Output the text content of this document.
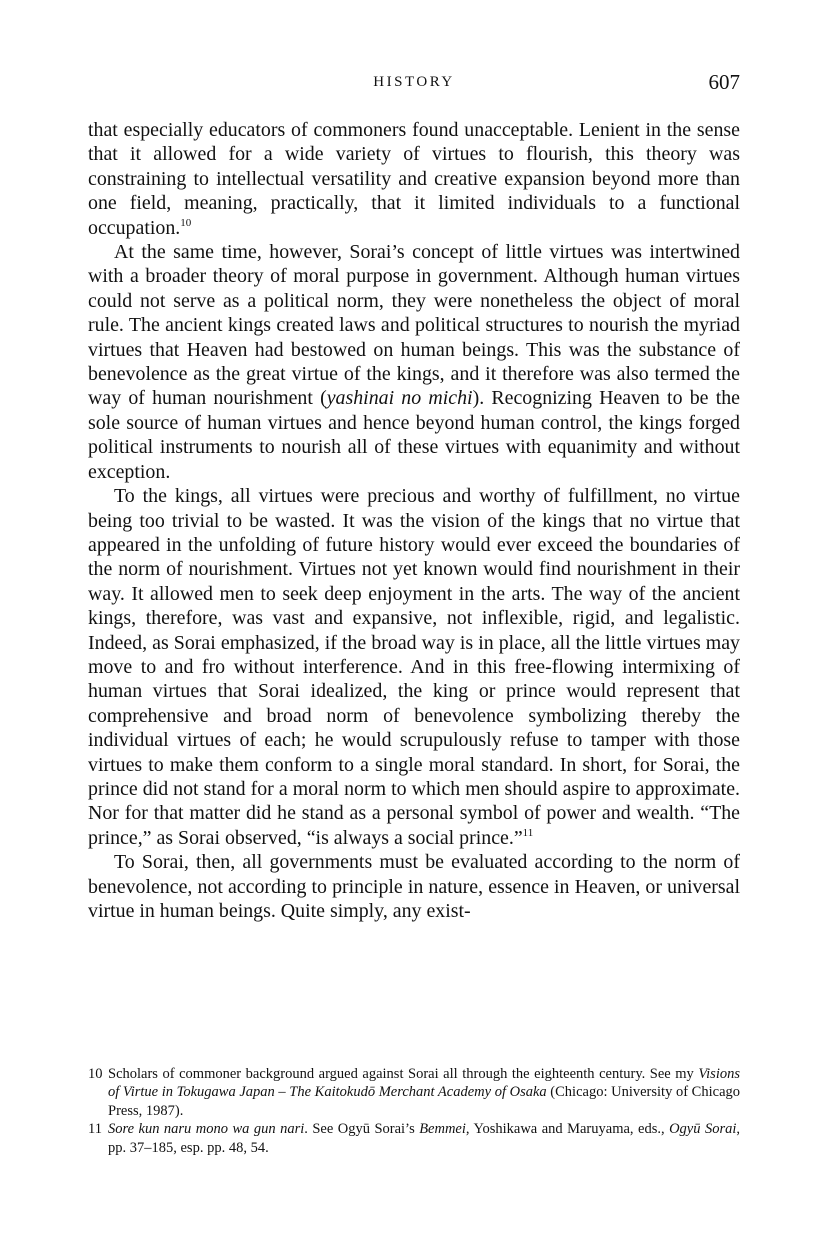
HISTORY	607

that especially educators of commoners found unacceptable. Lenient in the sense that it allowed for a wide variety of virtues to flourish, this theory was constraining to intellectual versatility and creative expansion beyond more than one field, meaning, practically, that it limited individuals to a functional occupation.$^{10}$

At the same time, however, Sorai’s concept of little virtues was intertwined with a broader theory of moral purpose in government. Although human virtues could not serve as a political norm, they were nonetheless the object of moral rule. The ancient kings created laws and political structures to nourish the myriad virtues that Heaven had bestowed on human beings. This was the substance of benevolence as the great virtue of the kings, and it therefore was also termed the way of human nourishment (yashinai no michi). Recognizing Heaven to be the sole source of human virtues and hence beyond human control, the kings forged political instruments to nourish all of these virtues with equanimity and without exception.

To the kings, all virtues were precious and worthy of fulfillment, no virtue being too trivial to be wasted. It was the vision of the kings that no virtue that appeared in the unfolding of future history would ever exceed the boundaries of the norm of nourishment. Virtues not yet known would find nourishment in their way. It allowed men to seek deep enjoyment in the arts. The way of the ancient kings, therefore, was vast and expansive, not inflexible, rigid, and legalistic. Indeed, as Sorai emphasized, if the broad way is in place, all the little virtues may move to and fro without interference. And in this free-flowing intermixing of human virtues that Sorai idealized, the king or prince would represent that comprehensive and broad norm of benevolence symbolizing thereby the individual virtues of each; he would scrupulously refuse to tamper with those virtues to make them conform to a single moral standard. In short, for Sorai, the prince did not stand for a moral norm to which men should aspire to approximate. Nor for that matter did he stand as a personal symbol of power and wealth. “The prince,” as Sorai observed, “is always a social prince.”$^{11}$

To Sorai, then, all governments must be evaluated according to the norm of benevolence, not according to principle in nature, essence in Heaven, or universal virtue in human beings. Quite simply, any exist-

10 Scholars of commoner background argued against Sorai all through the eighteenth century. See my Visions of Virtue in Tokugawa Japan – The Kaitokudō Merchant Academy of Osaka (Chicago: University of Chicago Press, 1987).
11 Sore kun naru mono wa gun nari. See Ogyū Sorai’s Bemmei, Yoshikawa and Maruyama, eds., Ogyū Sorai, pp. 37–185, esp. pp. 48, 54.
